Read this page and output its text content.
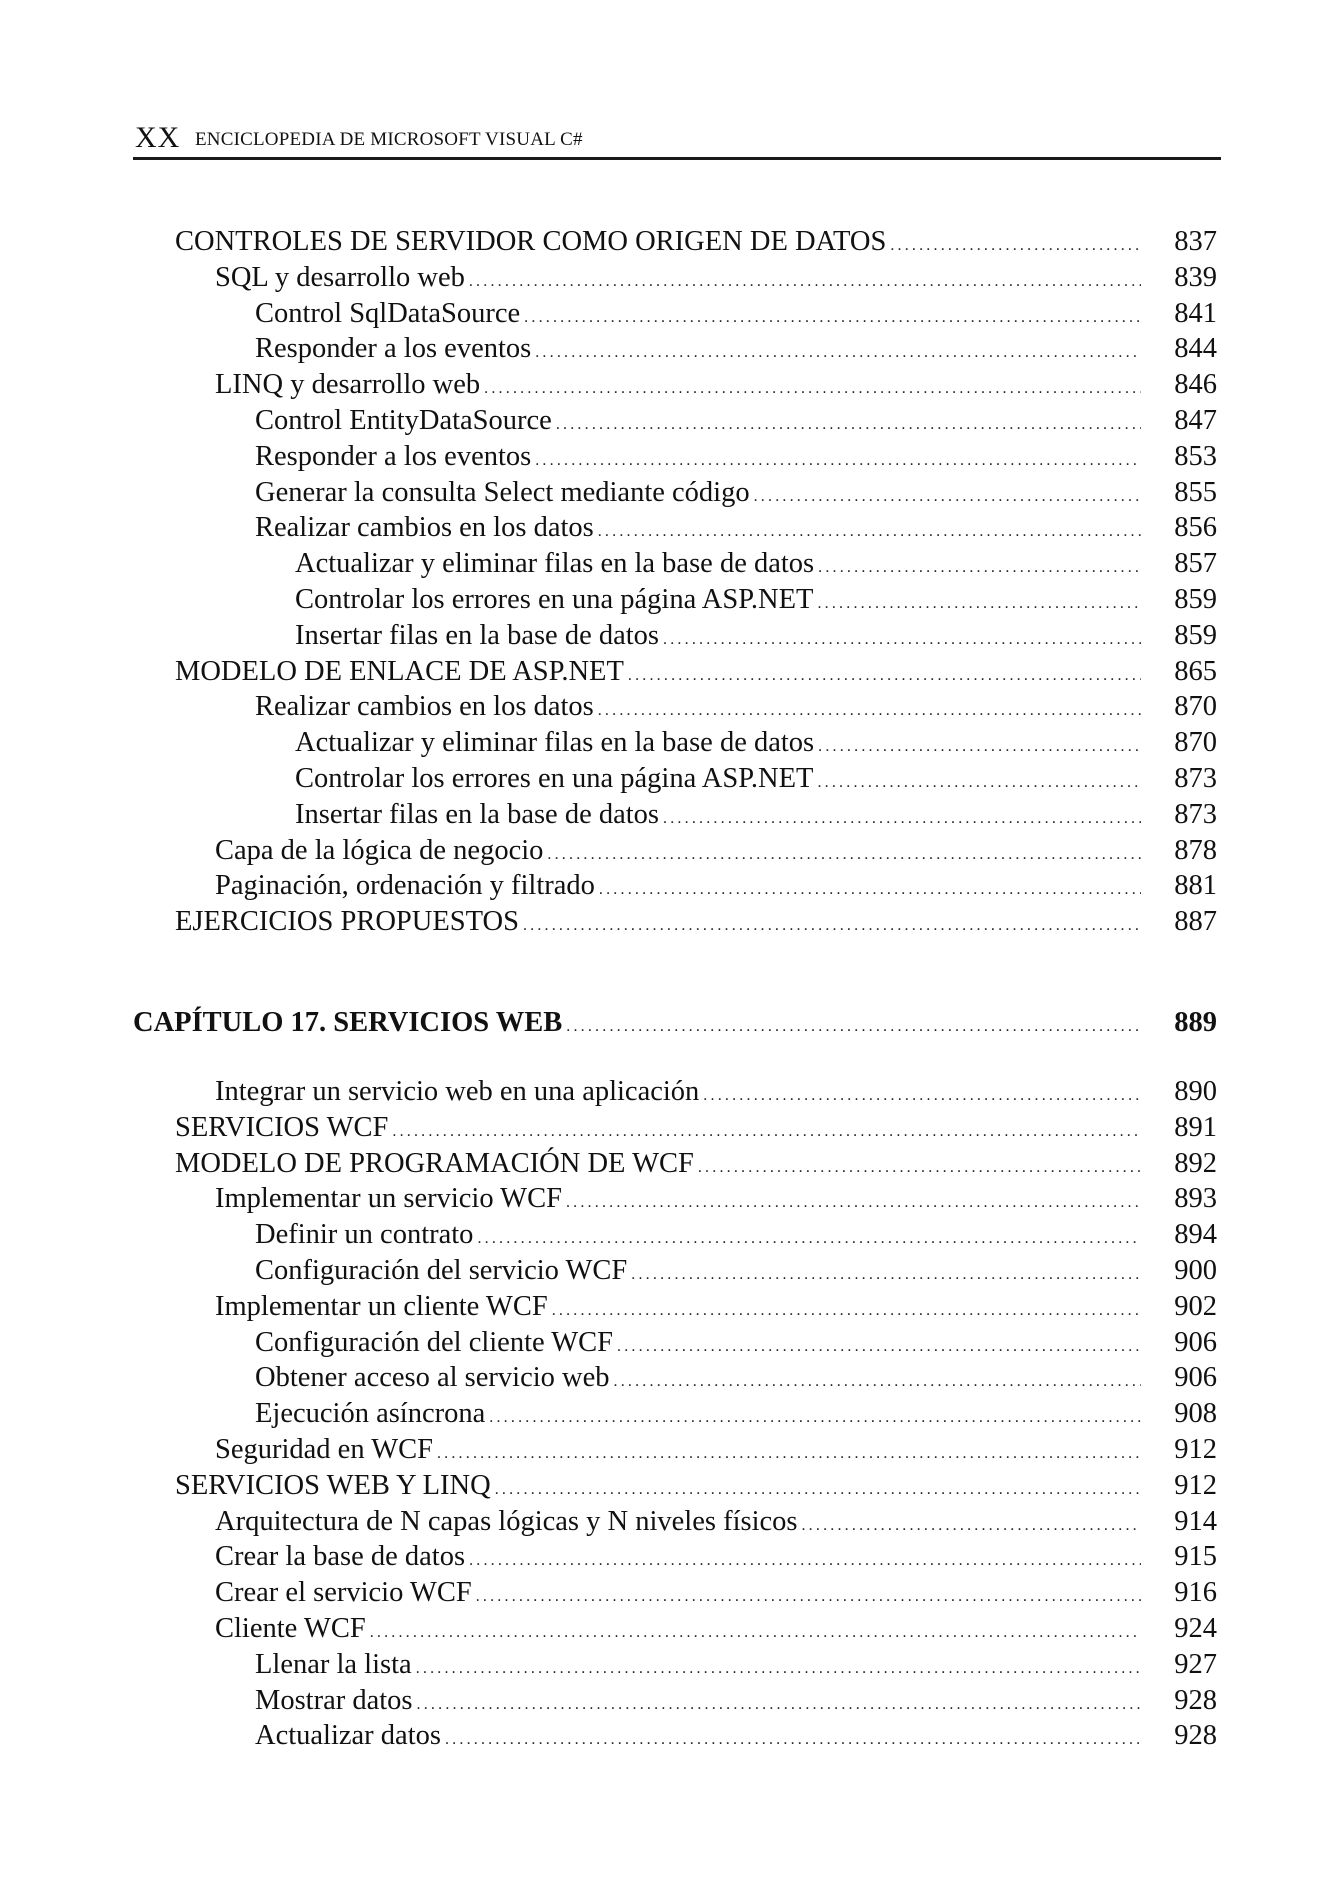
XX ENCICLOPEDIA DE MICROSOFT VISUAL C#
CONTROLES DE SERVIDOR COMO ORIGEN DE DATOS .....	837
SQL y desarrollo web .....	839
Control SqlDataSource .....	841
Responder a los eventos .....	844
LINQ y desarrollo web .....	846
Control EntityDataSource .....	847
Responder a los eventos .....	853
Generar la consulta Select mediante código .....	855
Realizar cambios en los datos .....	856
Actualizar y eliminar filas en la base de datos .....	857
Controlar los errores en una página ASP.NET .....	859
Insertar filas en la base de datos .....	859
MODELO DE ENLACE DE ASP.NET .....	865
Realizar cambios en los datos .....	870
Actualizar y eliminar filas en la base de datos .....	870
Controlar los errores en una página ASP.NET .....	873
Insertar filas en la base de datos .....	873
Capa de la lógica de negocio .....	878
Paginación, ordenación y filtrado .....	881
EJERCICIOS PROPUESTOS .....	887
CAPÍTULO 17. SERVICIOS WEB .....	889
Integrar un servicio web en una aplicación .....	890
SERVICIOS WCF .....	891
MODELO DE PROGRAMACIÓN DE WCF .....	892
Implementar un servicio WCF .....	893
Definir un contrato .....	894
Configuración del servicio WCF .....	900
Implementar un cliente WCF .....	902
Configuración del cliente WCF .....	906
Obtener acceso al servicio web .....	906
Ejecución asíncrona .....	908
Seguridad en WCF .....	912
SERVICIOS WEB Y LINQ .....	912
Arquitectura de N capas lógicas y N niveles físicos .....	914
Crear la base de datos .....	915
Crear el servicio WCF .....	916
Cliente WCF .....	924
Llenar la lista .....	927
Mostrar datos .....	928
Actualizar datos .....	928
